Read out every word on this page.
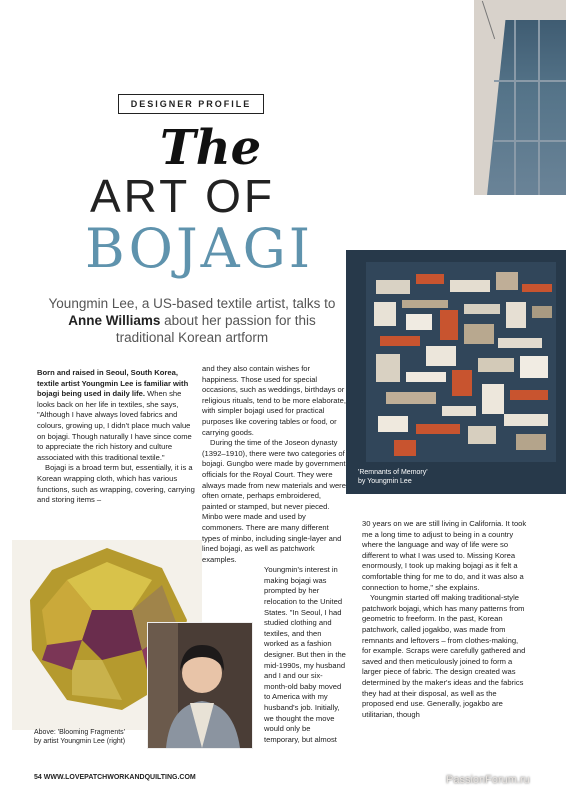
DESIGNER PROFILE
The
ART OF
BOJAGI
Youngmin Lee, a US-based textile artist, talks to Anne Williams about her passion for this traditional Korean artform
'Remnants of Memory'
by Youngmin Lee

Born and raised in Seoul, South Korea, textile artist Youngmin Lee is familiar with bojagi being used in daily life. When she looks back on her life in textiles, she says, "Although I have always loved fabrics and colours, growing up, I didn't place much value on bojagi. Though naturally I have since come to appreciate the rich history and culture associated with this traditional textile."

Bojagi is a broad term but, essentially, it is a Korean wrapping cloth, which has various functions, such as wrapping, covering, carrying and storing items –

and they also contain wishes for happiness. Those used for special occasions, such as weddings, birthdays or religious rituals, tend to be more elaborate, with simpler bojagi used for practical purposes like covering tables or food, or carrying goods.

During the time of the Joseon dynasty (1392–1910), there were two categories of bojagi. Gungbo were made by government officials for the Royal Court. They were always made from new materials and were often ornate, perhaps embroidered, painted or stamped, but never pieced. Minbo were made and used by commoners. There are many different types of minbo, including single-layer and lined bojagi, as well as patchwork examples.

Youngmin's interest in making bojagi was prompted by her relocation to the United States. "In Seoul, I had studied clothing and textiles, and then worked as a fashion designer. But then in the mid-1990s, my husband and I and our six-month-old baby moved to America with my husband's job. Initially, we thought the move would only be temporary, but almost

30 years on we are still living in California. It took me a long time to adjust to being in a country where the language and way of life were so different to what I was used to. Missing Korea enormously, I took up making bojagi as it felt a comfortable thing for me to do, and it was also a connection to home," she explains.

Youngmin started off making traditional-style patchwork bojagi, which has many patterns from geometric to freeform. In the past, Korean patchwork, called jogakbo, was made from remnants and leftovers – from clothes-making, for example. Scraps were carefully gathered and saved and then meticulously joined to form a larger piece of fabric. The design created was determined by the maker's ideas and the fabrics they had at their disposal, as well as the proposed end use. Generally, jogakbo are utilitarian, though

Above: 'Blooming Fragments'
by artist Youngmin Lee (right)
54 WWW.LOVEPATCHWORKANDQUILTING.COM	PassionForum.ru
